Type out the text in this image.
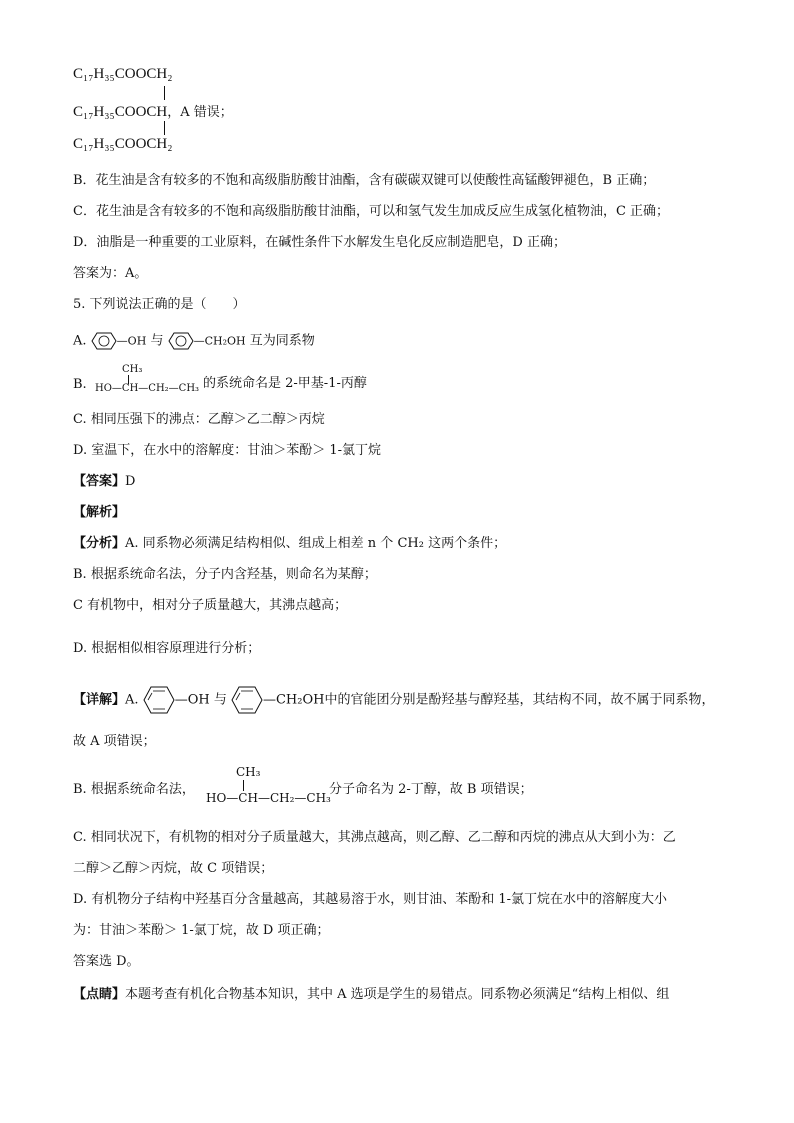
C₁₇H₃₅COOCH₂
C₁₇H₃₅COOCH，A 错误；
C₁₇H₃₅COOCH₂
B．花生油是含有较多的不饱和高级脂肪酸甘油酯，含有碳碳双键可以使酸性高锰酸钾褪色，B 正确；
C．花生油是含有较多的不饱和高级脂肪酸甘油酯，可以和氢气发生加成反应生成氢化植物油，C 正确；
D．油脂是一种重要的工业原料，在碱性条件下水解发生皂化反应制造肥皂，D 正确；
答案为：A。
5. 下列说法正确的是（　　）
A.	—OH 与	—CH₂OH 互为同系物
B.
CH₃
HO—CH—CH₂—CH₃ 的系统命名是 2-甲基-1-丙醇
C. 相同压强下的沸点：乙醇＞乙二醇＞丙烷
D. 室温下，在水中的溶解度：甘油＞苯酚＞ 1-氯丁烷
【答案】D
【解析】
【分析】A. 同系物必须满足结构相似、组成上相差 n 个 CH₂ 这两个条件；
B. 根据系统命名法，分子内含羟基，则命名为某醇；
C 有机物中，相对分子质量越大，其沸点越高；
D. 根据相似相容原理进行分析；
【详解】A.	—OH 与	—CH₂OH中的官能团分别是酚羟基与醇羟基，其结构不同，故不属于同系物，
故 A 项错误；
B. 根据系统命名法，
CH₃
HO—CH—CH₂—CH₃
分子命名为 2-丁醇，故 B 项错误；
C. 相同状况下，有机物的相对分子质量越大，其沸点越高，则乙醇、乙二醇和丙烷的沸点从大到小为：乙
二醇＞乙醇＞丙烷，故 C 项错误；
D. 有机物分子结构中羟基百分含量越高，其越易溶于水，则甘油、苯酚和 1-氯丁烷在水中的溶解度大小
为：甘油＞苯酚＞ 1-氯丁烷，故 D 项正确；
答案选 D。
【点睛】本题考查有机化合物基本知识，其中 A 选项是学生的易错点。同系物必须满足“结构上相似、组
